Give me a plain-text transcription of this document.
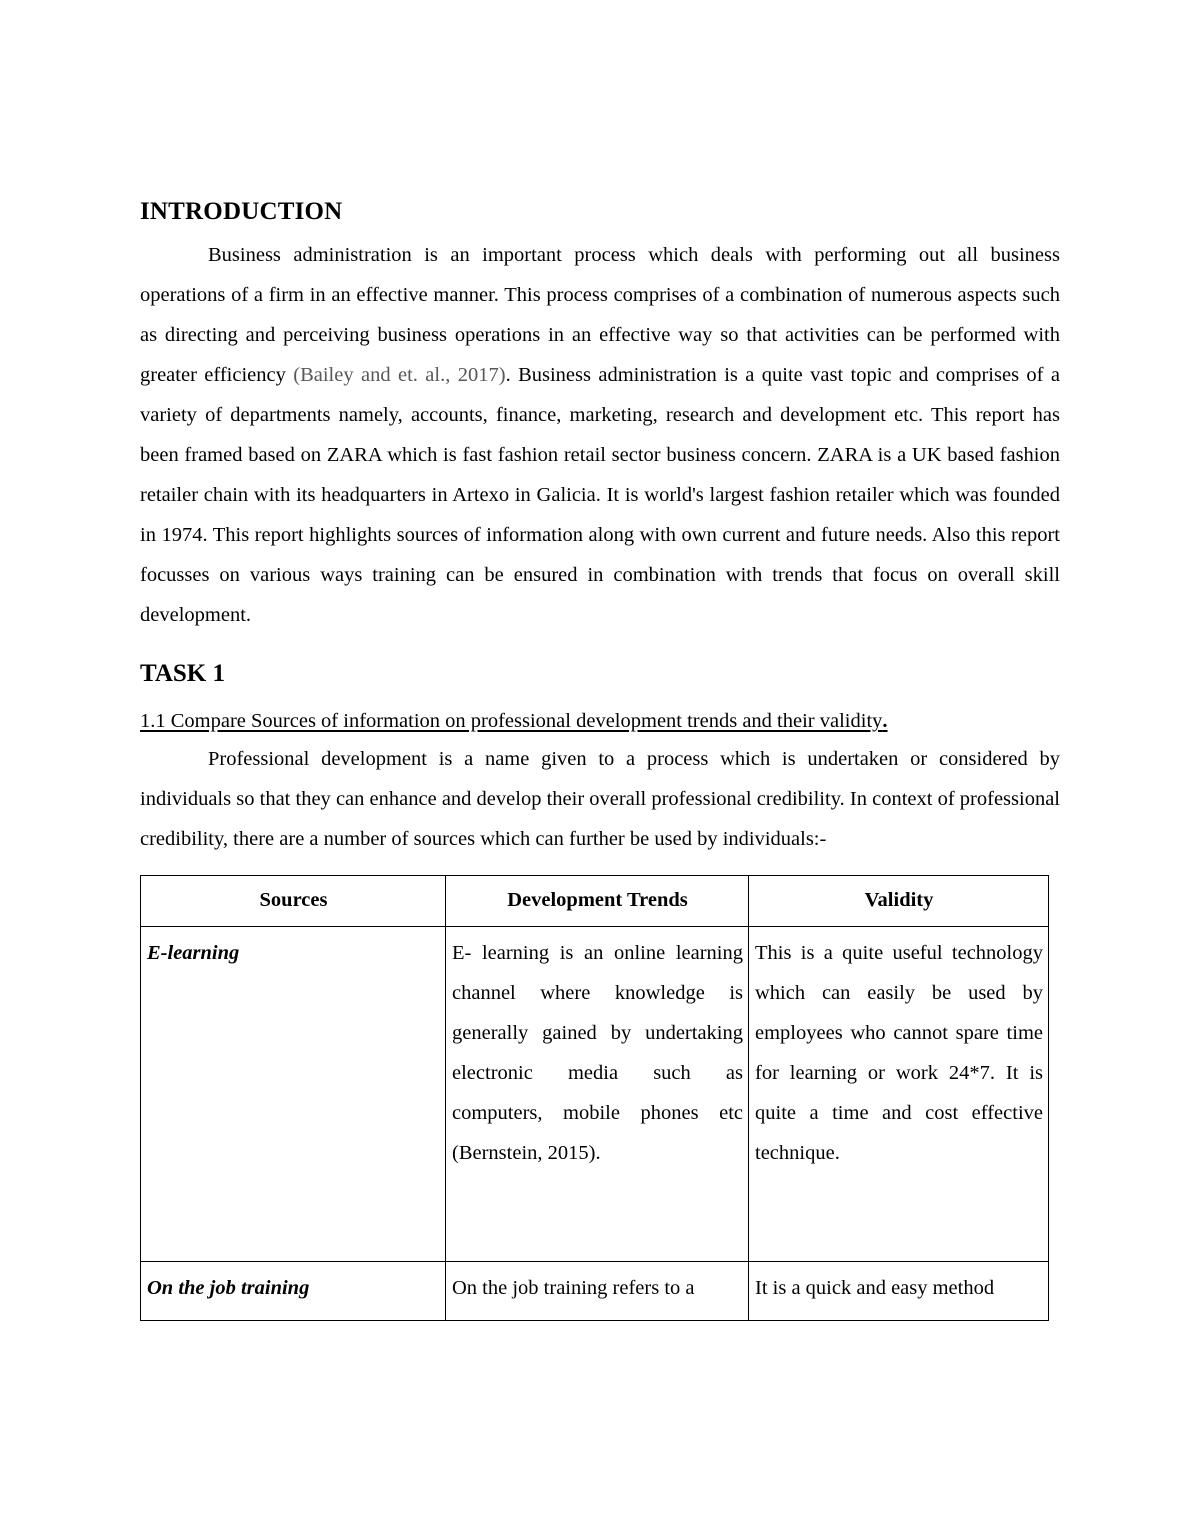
INTRODUCTION

Business administration is an important process which deals with performing out all business operations of a firm in an effective manner. This process comprises of a combination of numerous aspects such as directing and perceiving business operations in an effective way so that activities can be performed with greater efficiency (Bailey and et. al., 2017). Business administration is a quite vast topic and comprises of a variety of departments namely, accounts, finance, marketing, research and development etc. This report has been framed based on ZARA which is fast fashion retail sector business concern. ZARA is a UK based fashion retailer chain with its headquarters in Artexo in Galicia. It is world's largest fashion retailer which was founded in 1974. This report highlights sources of information along with own current and future needs. Also this report focusses on various ways training can be ensured in combination with trends that focus on overall skill development.

TASK 1
1.1 Compare Sources of information on professional development trends and their validity.

Professional development is a name given to a process which is undertaken or considered by individuals so that they can enhance and develop their overall professional credibility. In context of professional credibility, there are a number of sources which can further be used by individuals:-

Sources	Development Trends	Validity
E-learning	E- learning is an online learning channel where knowledge is generally gained by undertaking electronic media such as computers, mobile phones etc (Bernstein, 2015).	This is a quite useful technology which can easily be used by employees who cannot spare time for learning or work 24*7. It is quite a time and cost effective technique.
On the job training	On the job training refers to a	It is a quick and easy method
